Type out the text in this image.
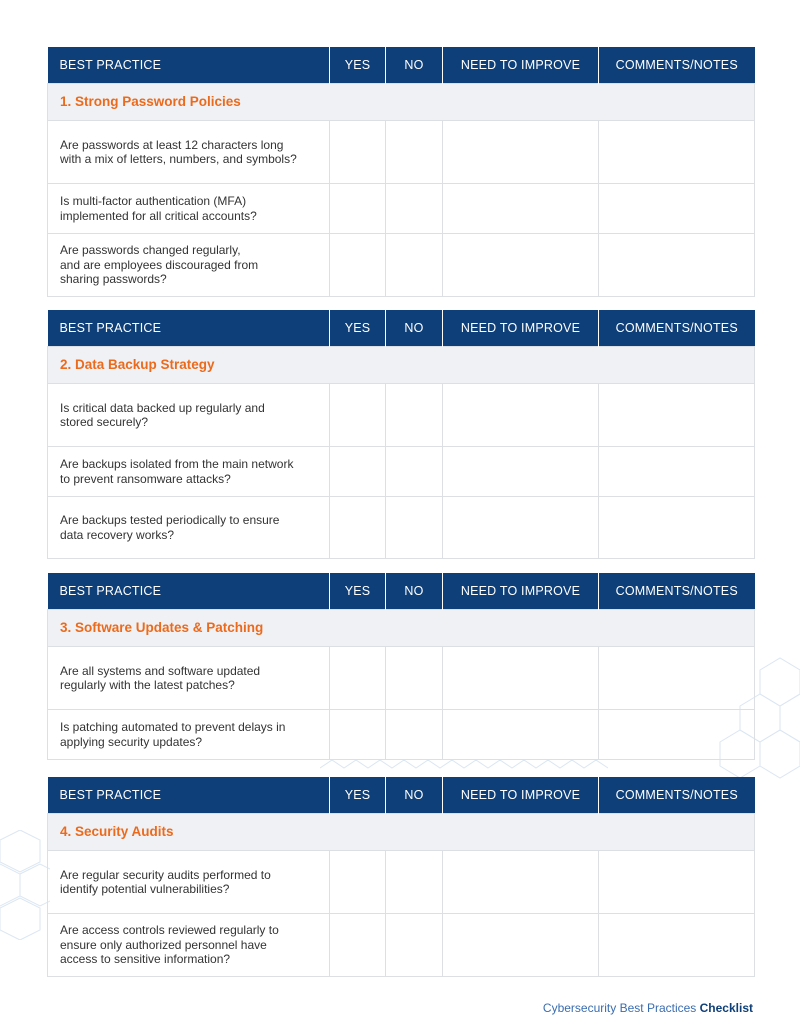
BEST PRACTICE	YES	NO	NEED TO IMPROVE	COMMENTS/NOTES
1. Strong Password Policies				

Are passwords at least 12 characters long
with a mix of letters, numbers, and symbols?				

Is multi-factor authentication (MFA)
implemented for all critical accounts?				

Are passwords changed regularly,
and are employees discouraged from
sharing passwords?				

BEST PRACTICE	YES	NO	NEED TO IMPROVE	COMMENTS/NOTES
2. Data Backup Strategy				

Is critical data backed up regularly and
stored securely?				

Are backups isolated from the main network
to prevent ransomware attacks?				

Are backups tested periodically to ensure
data recovery works?				

BEST PRACTICE	YES	NO	NEED TO IMPROVE	COMMENTS/NOTES
3. Software Updates & Patching				

Are all systems and software updated
regularly with the latest patches?				

Is patching automated to prevent delays in
applying security updates?				

BEST PRACTICE	YES	NO	NEED TO IMPROVE	COMMENTS/NOTES
4. Security Audits				

Are regular security audits performed to
identify potential vulnerabilities?				

Are access controls reviewed regularly to
ensure only authorized personnel have
access to sensitive information?				

Cybersecurity Best Practices Checklist
